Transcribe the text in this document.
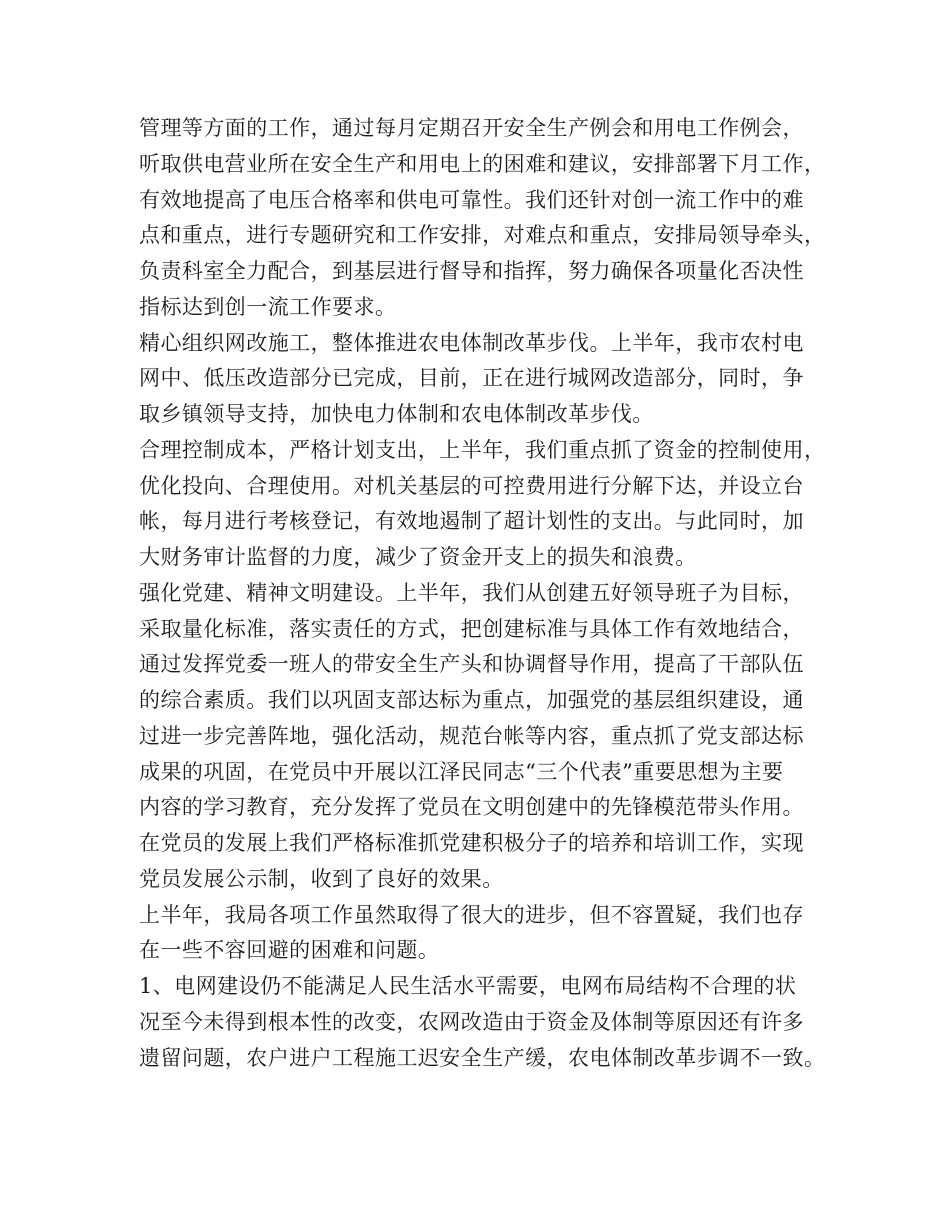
管理等方面的工作，通过每月定期召开安全生产例会和用电工作例会，
听取供电营业所在安全生产和用电上的困难和建议，安排部署下月工作，
有效地提高了电压合格率和供电可靠性。我们还针对创一流工作中的难
点和重点，进行专题研究和工作安排，对难点和重点，安排局领导牵头，
负责科室全力配合，到基层进行督导和指挥，努力确保各项量化否决性
指标达到创一流工作要求。
精心组织网改施工，整体推进农电体制改革步伐。上半年，我市农村电
网中、低压改造部分已完成，目前，正在进行城网改造部分，同时，争
取乡镇领导支持，加快电力体制和农电体制改革步伐。
合理控制成本，严格计划支出，上半年，我们重点抓了资金的控制使用，
优化投向、合理使用。对机关基层的可控费用进行分解下达，并设立台
帐，每月进行考核登记，有效地遏制了超计划性的支出。与此同时，加
大财务审计监督的力度，减少了资金开支上的损失和浪费。
强化党建、精神文明建设。上半年，我们从创建五好领导班子为目标，
采取量化标准，落实责任的方式，把创建标准与具体工作有效地结合，
通过发挥党委一班人的带安全生产头和协调督导作用，提高了干部队伍
的综合素质。我们以巩固支部达标为重点，加强党的基层组织建设，通
过进一步完善阵地，强化活动，规范台帐等内容，重点抓了党支部达标
成果的巩固，在党员中开展以江泽民同志“三个代表”重要思想为主要
内容的学习教育，充分发挥了党员在文明创建中的先锋模范带头作用。
在党员的发展上我们严格标准抓党建积极分子的培养和培训工作，实现
党员发展公示制，收到了良好的效果。
上半年，我局各项工作虽然取得了很大的进步，但不容置疑，我们也存
在一些不容回避的困难和问题。
1、电网建设仍不能满足人民生活水平需要，电网布局结构不合理的状
况至今未得到根本性的改变，农网改造由于资金及体制等原因还有许多
遗留问题，农户进户工程施工迟安全生产缓，农电体制改革步调不一致。
